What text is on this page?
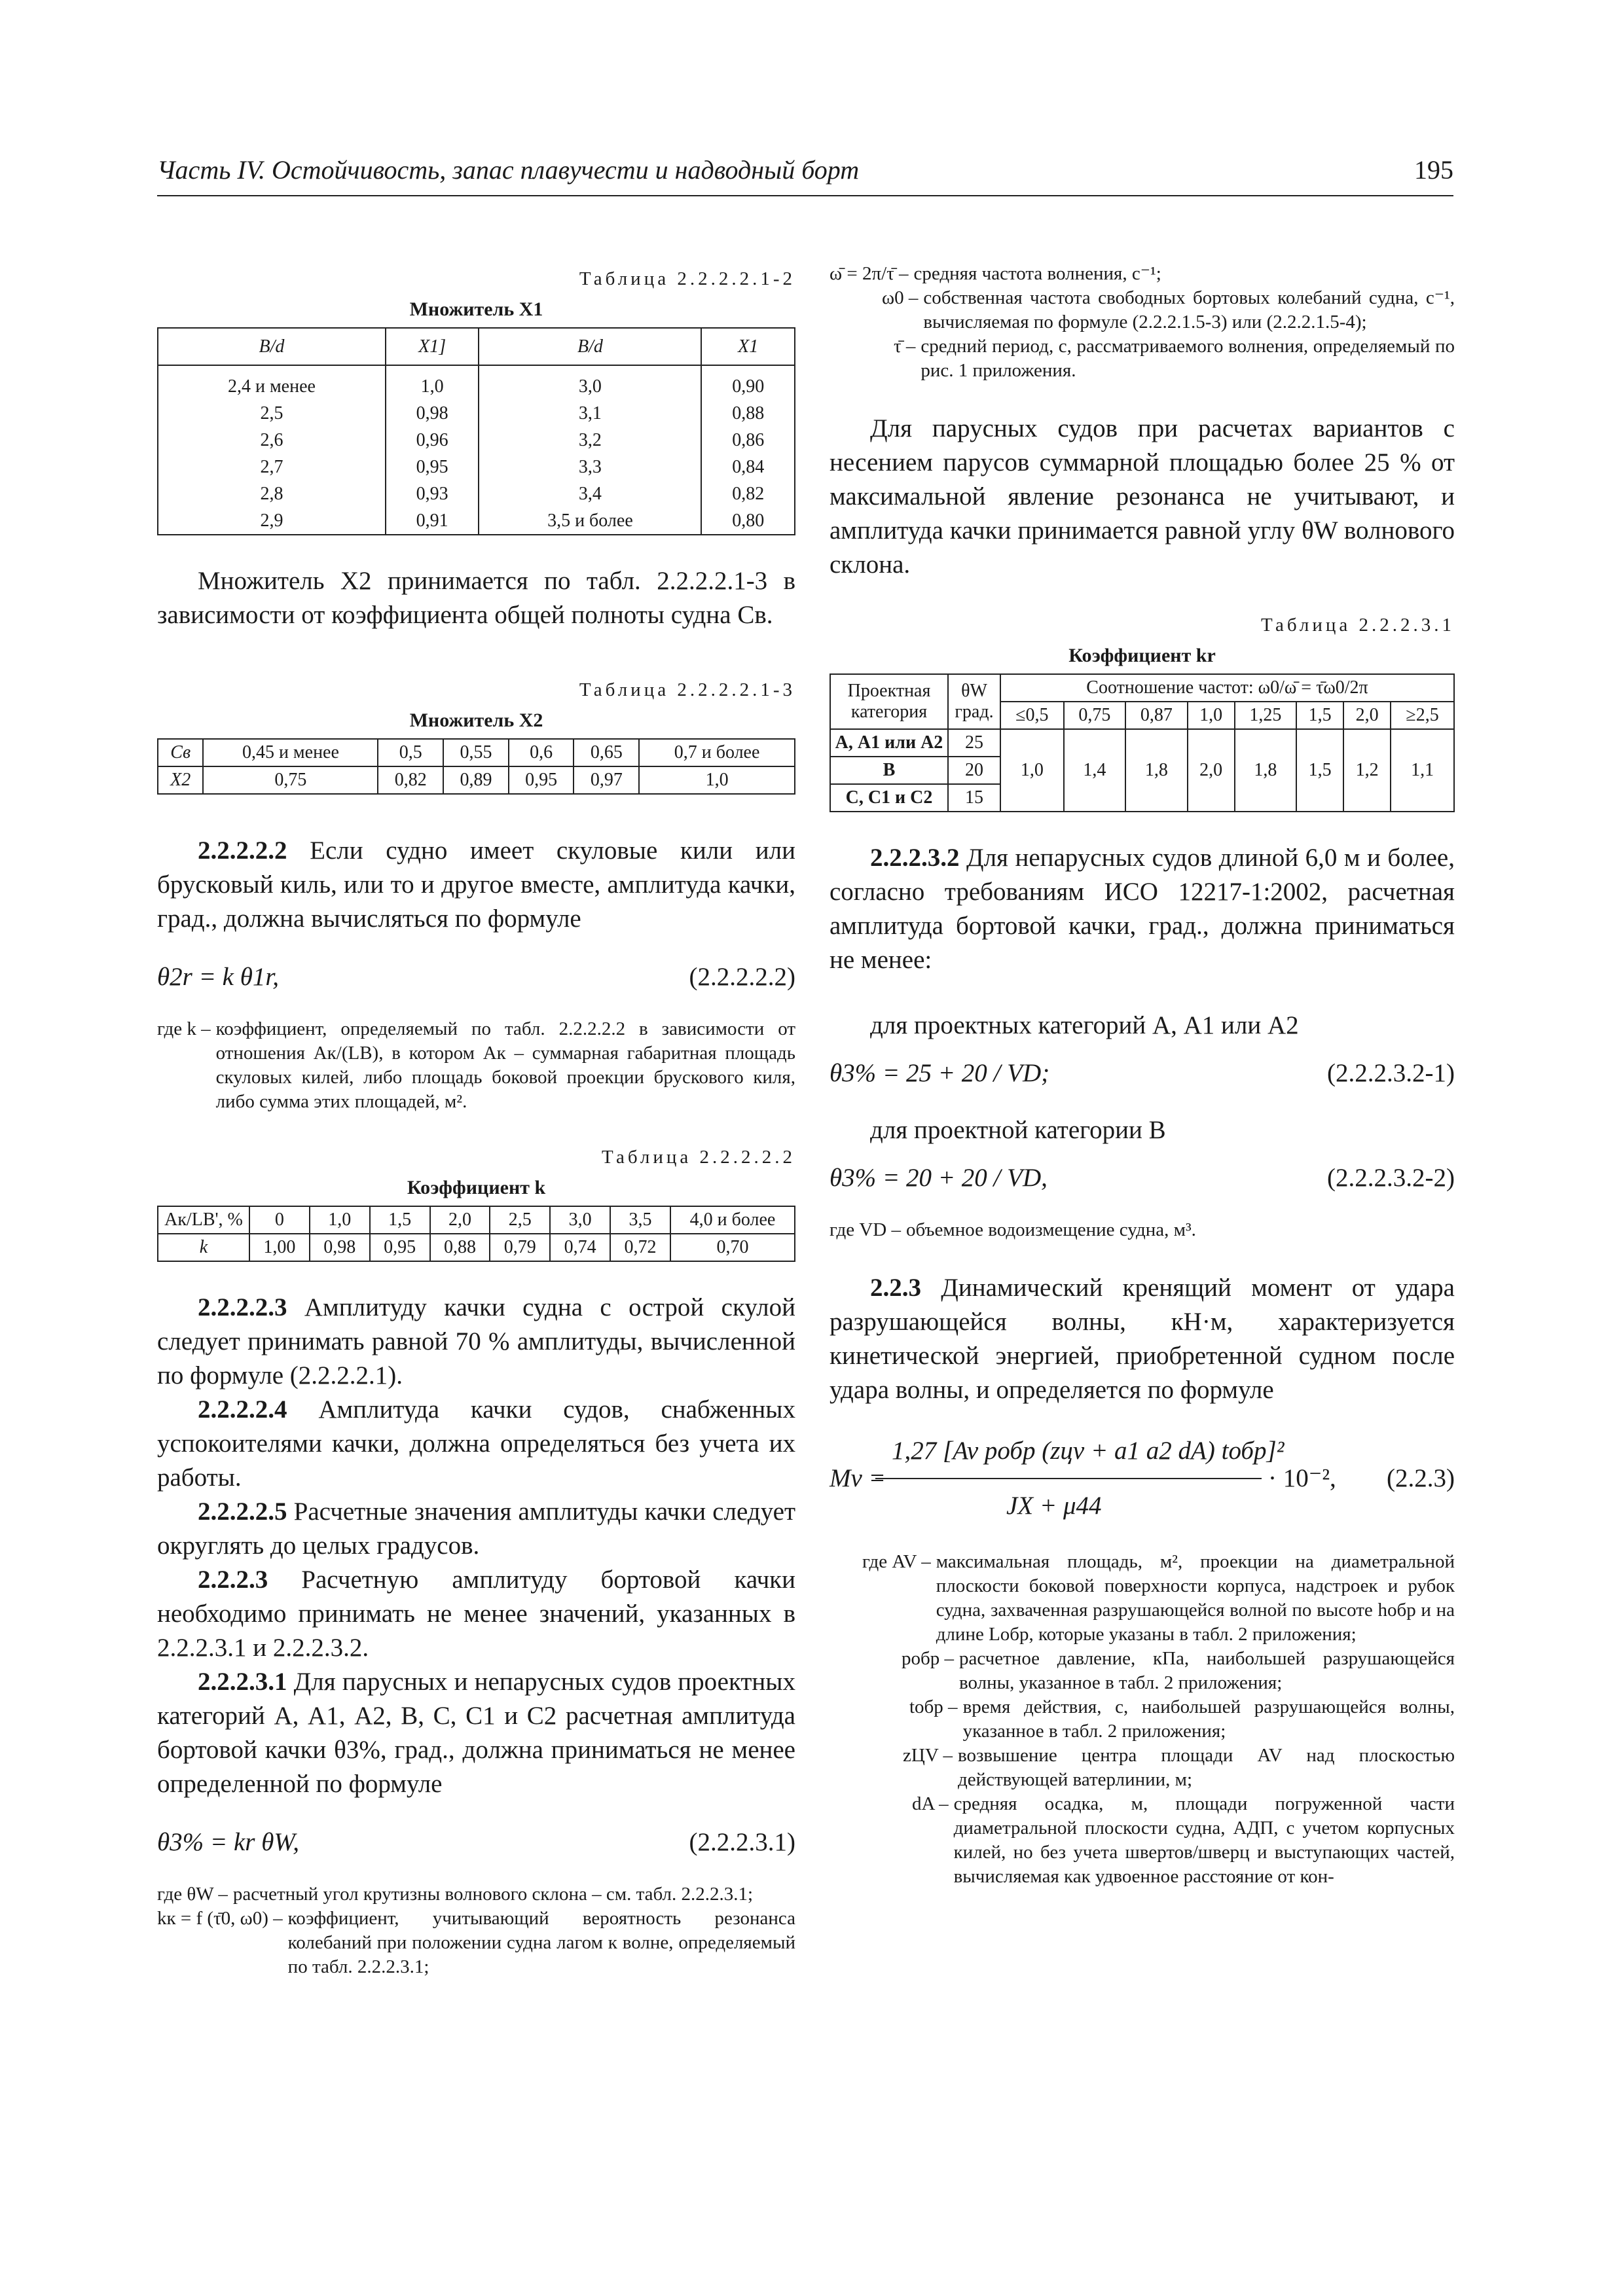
Часть IV. Остойчивость, запас плавучести и надводный борт	195

Таблица 2.2.2.2.1-2

Множитель X1
B/d	X1]	B/d	X1

2,4 и менее	1,0	3,0	0,90
2,5	0,98	3,1	0,88
2,6	0,96	3,2	0,86
2,7	0,95	3,3	0,84
2,8	0,93	3,4	0,82
2,9	0,91	3,5 и более	0,80

Множитель X2 принимается по табл. 2.2.2.2.1-3 в зависимости от коэффициента общей полноты судна Св.

Таблица 2.2.2.2.1-3

Множитель X2
Св	0,45 и менее	0,5	0,55	0,6	0,65	0,7 и более
X2	0,75	0,82	0,89	0,95	0,97	1,0

2.2.2.2.2 Если судно имеет скуловые кили или брусковый киль, или то и другое вместе, амплитуда качки, град., должна вычисляться по формуле

θ2r = k θ1r,	(2.2.2.2.2)
где k – коэффициент, определяемый по табл. 2.2.2.2.2 в зависимости от отношения Aк/(LB), в котором Aк – суммарная габаритная площадь скуловых килей, либо площадь боковой проекции брускового киля, либо сумма этих площадей, м².

Таблица 2.2.2.2.2

Коэффициент k
Aк/LB', %	0	1,0	1,5	2,0	2,5	3,0	3,5	4,0 и более
k	1,00	0,98	0,95	0,88	0,79	0,74	0,72	0,70

2.2.2.2.3 Амплитуду качки судна с острой скулой следует принимать равной 70 % амплитуды, вычисленной по формуле (2.2.2.2.1).

2.2.2.2.4 Амплитуда качки судов, снабженных успокоителями качки, должна определяться без учета их работы.

2.2.2.2.5 Расчетные значения амплитуды качки следует округлять до целых градусов.

2.2.2.3 Расчетную амплитуду бортовой качки необходимо принимать не менее значений, указанных в 2.2.2.3.1 и 2.2.2.3.2.

2.2.2.3.1 Для парусных и непарусных судов проектных категорий А, А1, А2, В, С, С1 и С2 расчетная амплитуда бортовой качки θ3%, град., должна приниматься не менее определенной по формуле

θ3% = kr θW,	(2.2.2.3.1)
где θW – расчетный угол крутизны волнового склона – см. табл. 2.2.2.3.1;
kк = f (τ̄0, ω0) – коэффициент, учитывающий вероятность резонанса колебаний при положении судна лагом к волне, определяемый по табл. 2.2.2.3.1;
ω̄ = 2π/τ̄ – средняя частота волнения, с⁻¹;
ω0 – собственная частота свободных бортовых колебаний судна, с⁻¹, вычисляемая по формуле (2.2.2.1.5-3) или (2.2.2.1.5-4);
τ̄ – средний период, с, рассматриваемого волнения, определяемый по рис. 1 приложения.

Для парусных судов при расчетах вариантов с несением парусов суммарной площадью более 25 % от максимальной явление резонанса не учитывают, и амплитуда качки принимается равной углу θW волнового склона.

Таблица 2.2.2.3.1

Коэффициент kr
Проектная категория	θW град.	Соотношение частот: ω0/ω̄ = τ̄ω0/2π							
		≤0,5	0,75	0,87	1,0	1,25	1,5	2,0	≥2,5
А, А1 или А2	25	1,0	1,4	1,8	2,0	1,8	1,5	1,2	1,1
В	20								
С, С1 и С2	15								

2.2.2.3.2 Для непарусных судов длиной 6,0 м и более, согласно требованиям ИСО 12217-1:2002, расчетная амплитуда бортовой качки, град., должна приниматься не менее:

для проектных категорий А, А1 или А2

θ3% = 25 + 20 / VD;	(2.2.2.3.2-1)

для проектной категории В

θ3% = 20 + 20 / VD,	(2.2.2.3.2-2)
где VD – объемное водоизмещение судна, м³.

2.2.3 Динамический кренящий момент от удара разрушающейся волны, кН·м, характеризуется кинетической энергией, приобретенной судном после удара волны, и определяется по формуле

Mv =
1,27 [Av pобр (zцv + a1 a2 dA) tобр]²
JX + μ44
· 10⁻², (2.2.3)
где AV – максимальная площадь, м², проекции на диаметральной плоскости боковой поверхности корпуса, надстроек и рубок судна, захваченная разрушающейся волной по высоте hобр и на длине Lобр, которые указаны в табл. 2 приложения;
pобр – расчетное давление, кПа, наибольшей разрушающейся волны, указанное в табл. 2 приложения;
tобр – время действия, с, наибольшей разрушающейся волны, указанное в табл. 2 приложения;
zЦV – возвышение центра площади AV над плоскостью действующей ватерлинии, м;
dA – средняя осадка, м, площади погруженной части диаметральной плоскости судна, AДП, с учетом корпусных килей, но без учета швертов/шверц и выступающих частей, вычисляемая как удвоенное расстояние от кон-
